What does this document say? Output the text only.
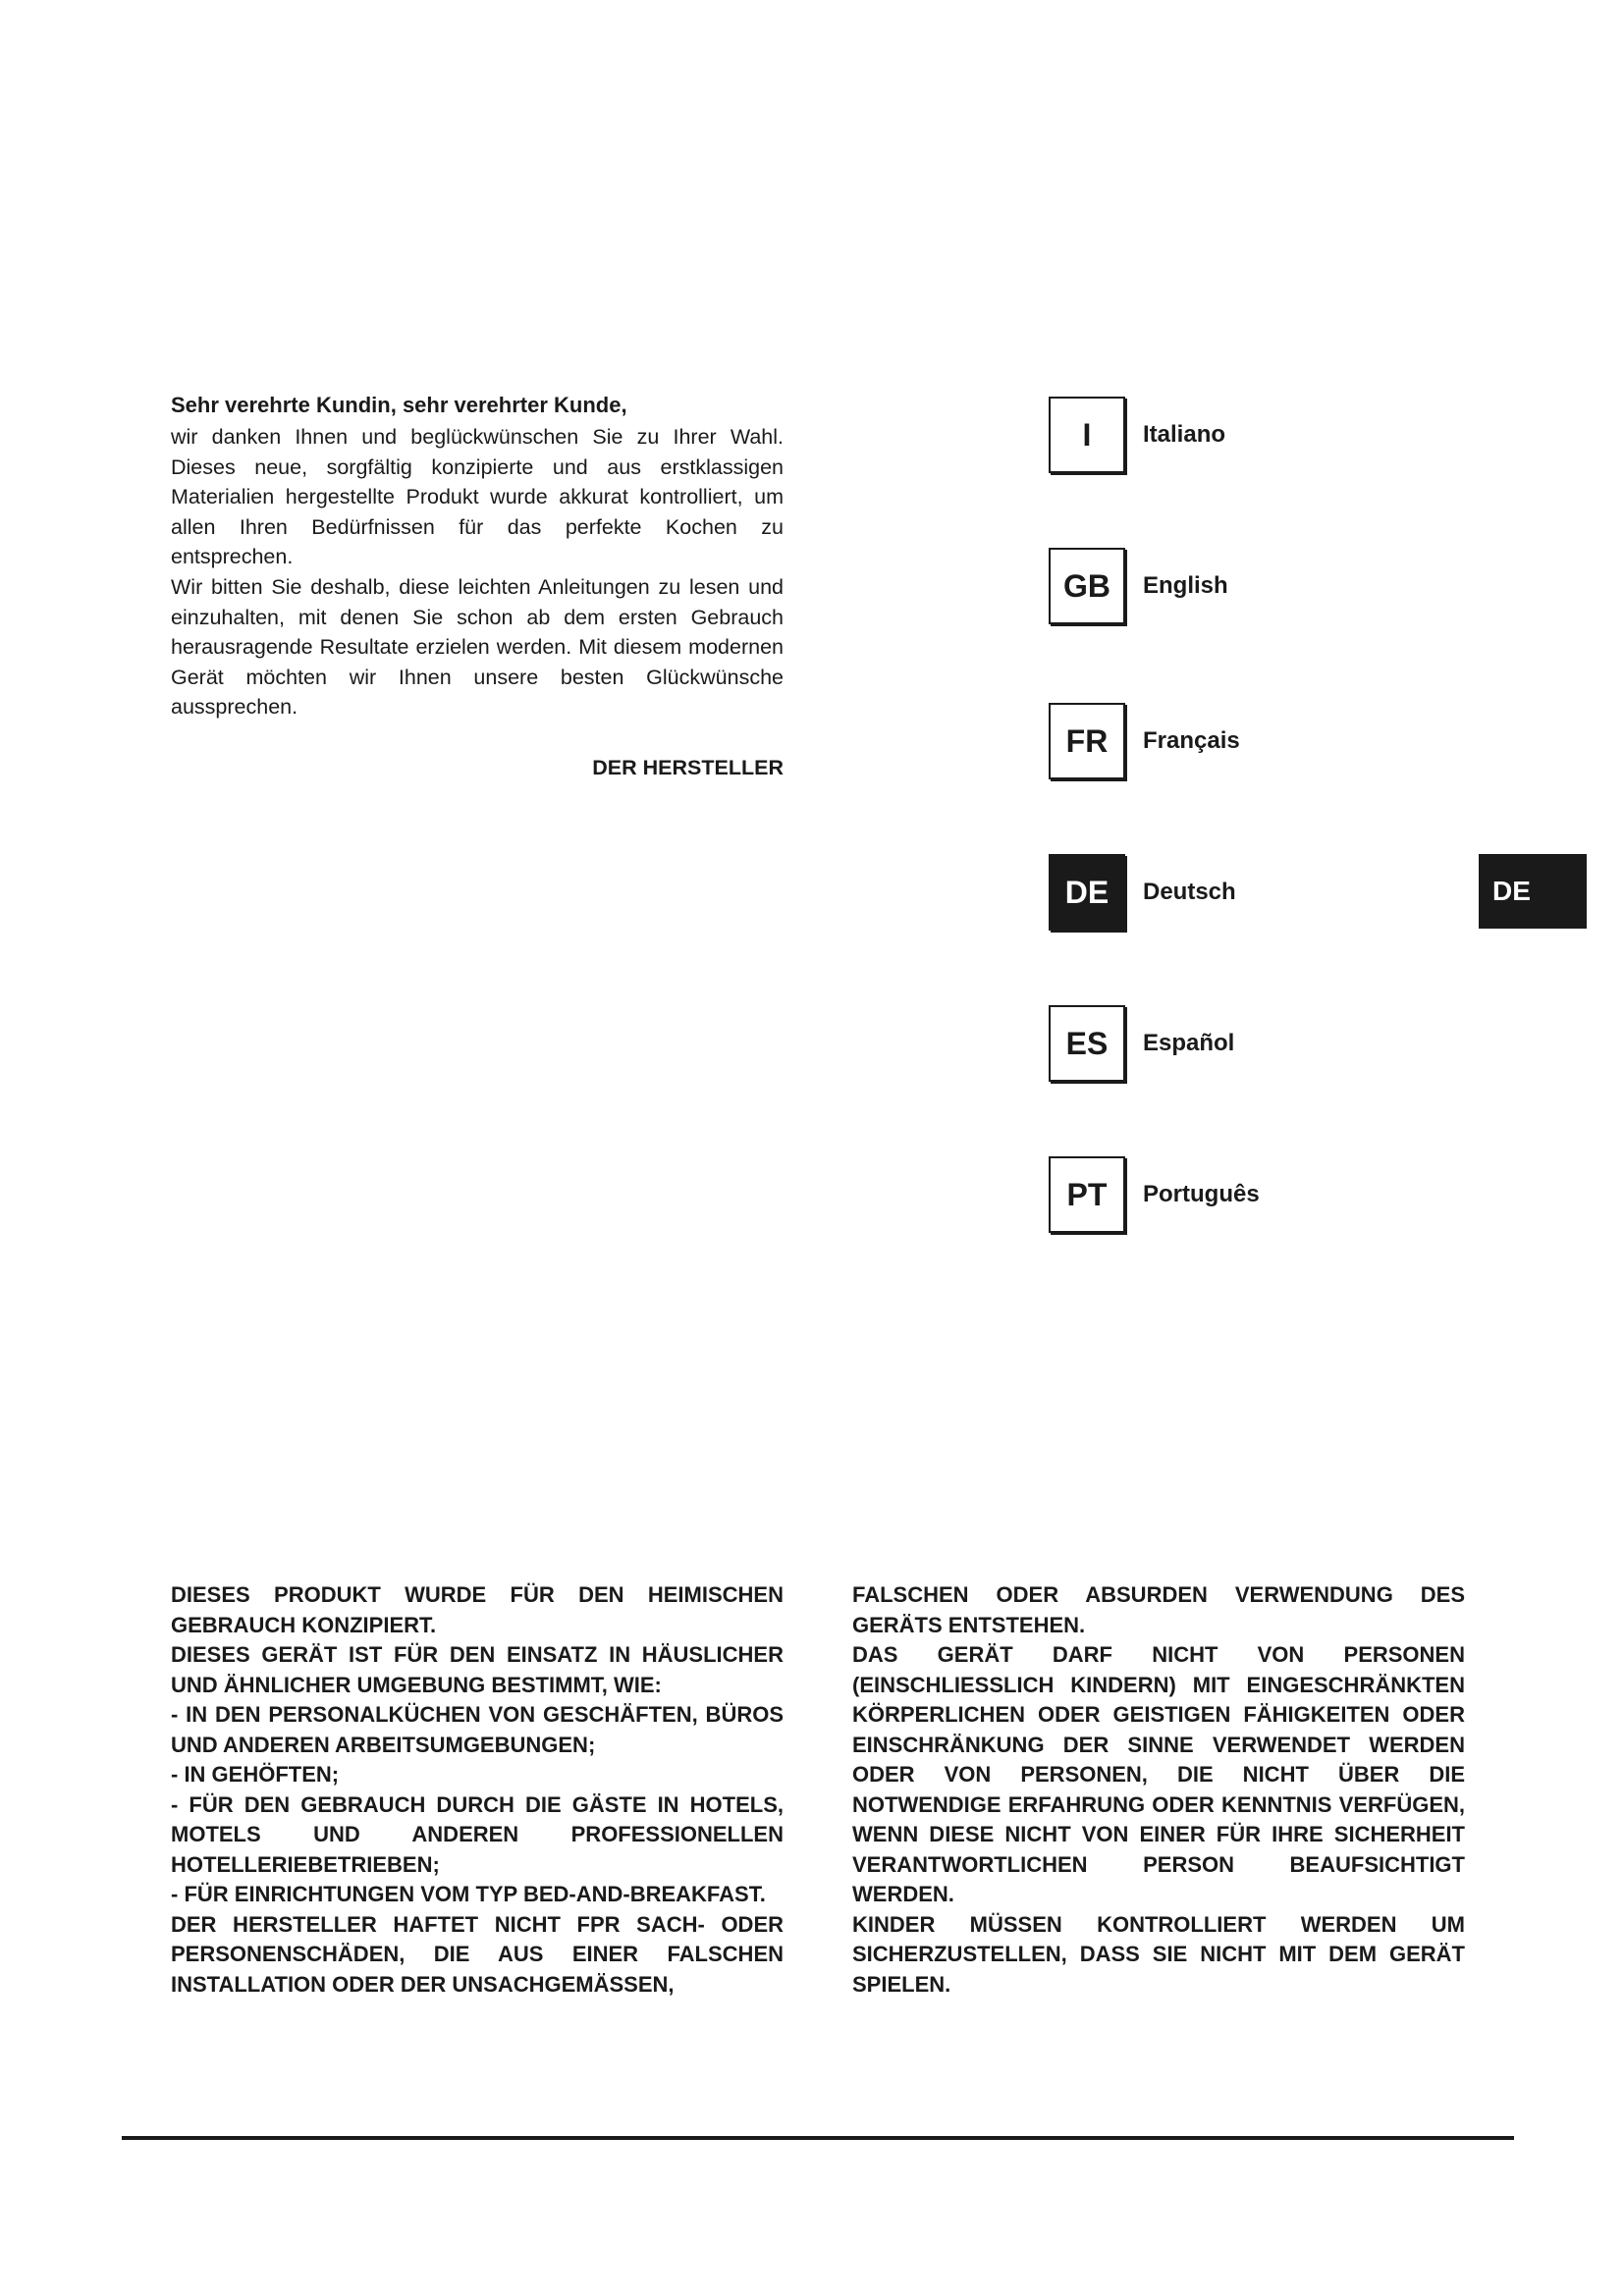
Sehr verehrte Kundin, sehr verehrter Kunde,

wir danken Ihnen und beglückwünschen Sie zu Ihrer Wahl. Dieses neue, sorgfältig konzipierte und aus erstklassigen Materialien hergestellte Produkt wurde akkurat kontrolliert, um allen Ihren Bedürfnissen für das perfekte Kochen zu entsprechen.

Wir bitten Sie deshalb, diese leichten Anleitungen zu lesen und einzuhalten, mit denen Sie schon ab dem ersten Gebrauch herausragende Resultate erzielen werden. Mit diesem modernen Gerät möchten wir Ihnen unsere besten Glückwünsche aussprechen.

DER HERSTELLER
I	Italiano
GB	English
FR	Français
DE	Deutsch
ES	Español
PT	Português
DE

DIESES PRODUKT WURDE FÜR DEN HEIMISCHEN GEBRAUCH KONZIPIERT.

DIESES GERÄT IST FÜR DEN EINSATZ IN HÄUSLICHER UND ÄHNLICHER UMGEBUNG BESTIMMT, WIE:

- IN DEN PERSONALKÜCHEN VON GESCHÄFTEN, BÜROS UND ANDEREN ARBEITSUMGEBUNGEN;

- IN GEHÖFTEN;

- FÜR DEN GEBRAUCH DURCH DIE GÄSTE IN HOTELS, MOTELS UND ANDEREN PROFESSIONELLEN HOTELLERIEBETRIEBEN;

- FÜR EINRICHTUNGEN VOM TYP BED-AND-BREAKFAST.

DER HERSTELLER HAFTET NICHT FPR SACH- ODER PERSONENSCHÄDEN, DIE AUS EINER FALSCHEN INSTALLATION ODER DER UNSACHGEMÄSSEN,

FALSCHEN ODER ABSURDEN VERWENDUNG DES GERÄTS ENTSTEHEN.

DAS GERÄT DARF NICHT VON PERSONEN (EINSCHLIESSLICH KINDERN) MIT EINGESCHRÄNKTEN KÖRPERLICHEN ODER GEISTIGEN FÄHIGKEITEN ODER EINSCHRÄNKUNG DER SINNE VERWENDET WERDEN ODER VON PERSONEN, DIE NICHT ÜBER DIE NOTWENDIGE ERFAHRUNG ODER KENNTNIS VERFÜGEN, WENN DIESE NICHT VON EINER FÜR IHRE SICHERHEIT VERANTWORTLICHEN PERSON BEAUFSICHTIGT WERDEN.

KINDER MÜSSEN KONTROLLIERT WERDEN UM SICHERZUSTELLEN, DASS SIE NICHT MIT DEM GERÄT SPIELEN.
